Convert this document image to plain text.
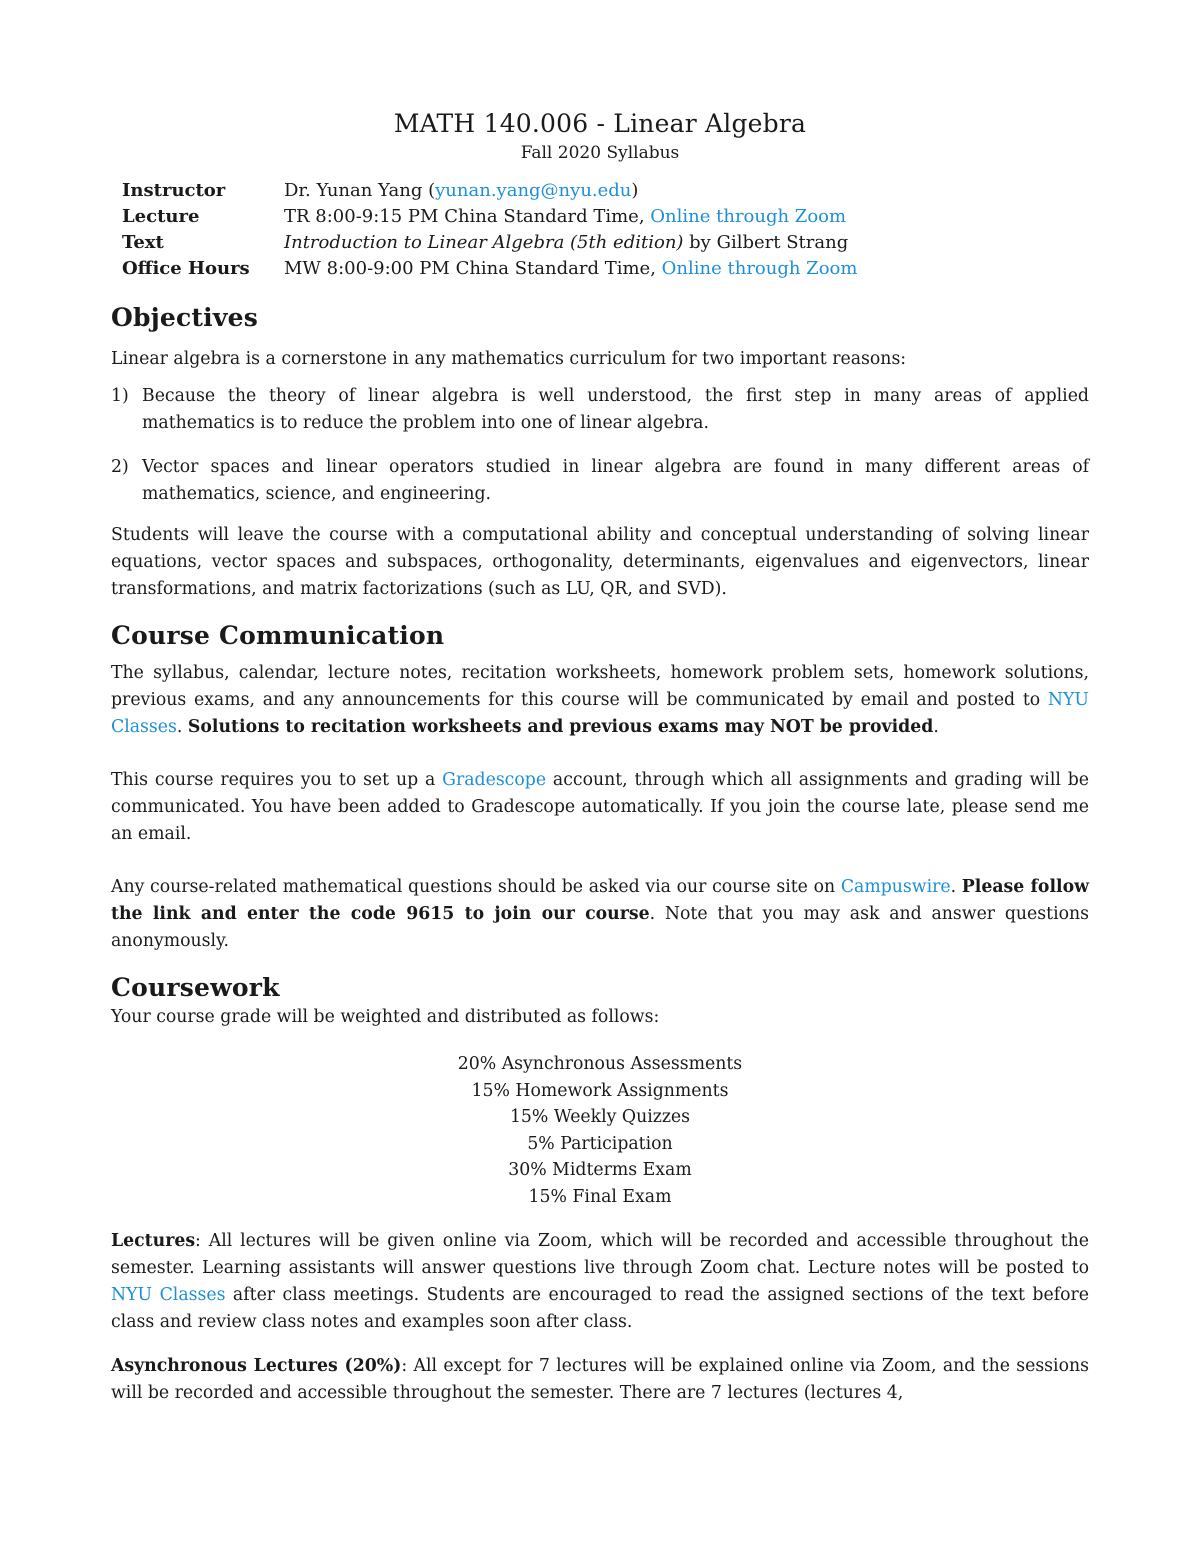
MATH 140.006 - Linear Algebra
Fall 2020 Syllabus
Instructor	Dr. Yunan Yang (yunan.yang@nyu.edu)
Lecture	TR 8:00-9:15 PM China Standard Time, Online through Zoom
Text	Introduction to Linear Algebra (5th edition) by Gilbert Strang
Office Hours	MW 8:00-9:00 PM China Standard Time, Online through Zoom
Objectives

Linear algebra is a cornerstone in any mathematics curriculum for two important reasons:

1) Because the theory of linear algebra is well understood, the first step in many areas of applied mathematics is to reduce the problem into one of linear algebra.
2) Vector spaces and linear operators studied in linear algebra are found in many different areas of mathematics, science, and engineering.

Students will leave the course with a computational ability and conceptual understanding of solving linear equations, vector spaces and subspaces, orthogonality, determinants, eigenvalues and eigenvectors, linear transformations, and matrix factorizations (such as LU, QR, and SVD).

Course Communication

The syllabus, calendar, lecture notes, recitation worksheets, homework problem sets, homework solutions, previous exams, and any announcements for this course will be communicated by email and posted to NYU Classes. Solutions to recitation worksheets and previous exams may NOT be provided.

This course requires you to set up a Gradescope account, through which all assignments and grading will be communicated. You have been added to Gradescope automatically. If you join the course late, please send me an email.

Any course-related mathematical questions should be asked via our course site on Campuswire. Please follow the link and enter the code 9615 to join our course. Note that you may ask and answer questions anonymously.

Coursework

Your course grade will be weighted and distributed as follows:

20% Asynchronous Assessments
15% Homework Assignments
15% Weekly Quizzes
5% Participation
30% Midterms Exam
15% Final Exam

Lectures: All lectures will be given online via Zoom, which will be recorded and accessible throughout the semester. Learning assistants will answer questions live through Zoom chat. Lecture notes will be posted to NYU Classes after class meetings. Students are encouraged to read the assigned sections of the text before class and review class notes and examples soon after class.

Asynchronous Lectures (20%): All except for 7 lectures will be explained online via Zoom, and the sessions will be recorded and accessible throughout the semester. There are 7 lectures (lectures 4,
